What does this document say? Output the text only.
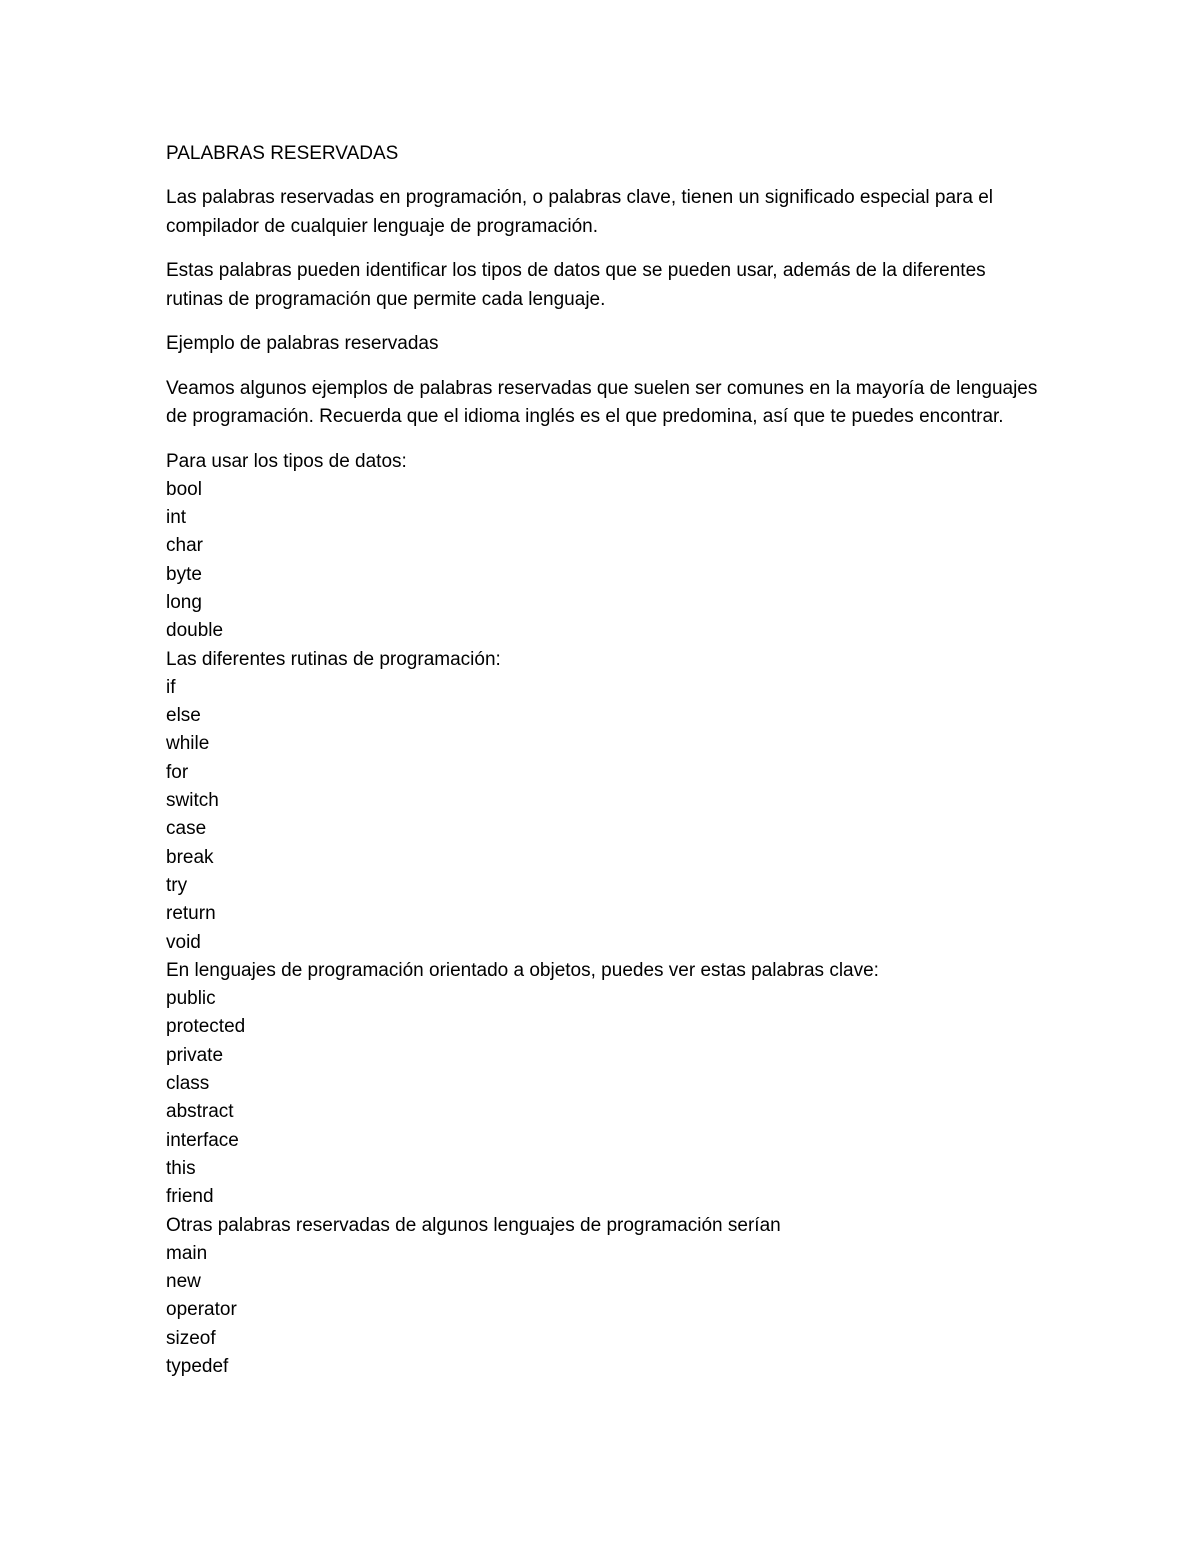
PALABRAS RESERVADAS

Las palabras reservadas en programación, o palabras clave, tienen un significado especial para el compilador de cualquier lenguaje de programación.

Estas palabras pueden identificar los tipos de datos que se pueden usar, además de la diferentes rutinas de programación que permite cada lenguaje.

Ejemplo de palabras reservadas

Veamos algunos ejemplos de palabras reservadas que suelen ser comunes en la mayoría de lenguajes de programación. Recuerda que el idioma inglés es el que predomina, así que te puedes encontrar.

Para usar los tipos de datos:
bool
int
char
byte
long
double
Las diferentes rutinas de programación:
if
else
while
for
switch
case
break
try
return
void
En lenguajes de programación orientado a objetos, puedes ver estas palabras clave:
public
protected
private
class
abstract
interface
this
friend
Otras palabras reservadas de algunos lenguajes de programación serían
main
new
operator
sizeof
typedef
